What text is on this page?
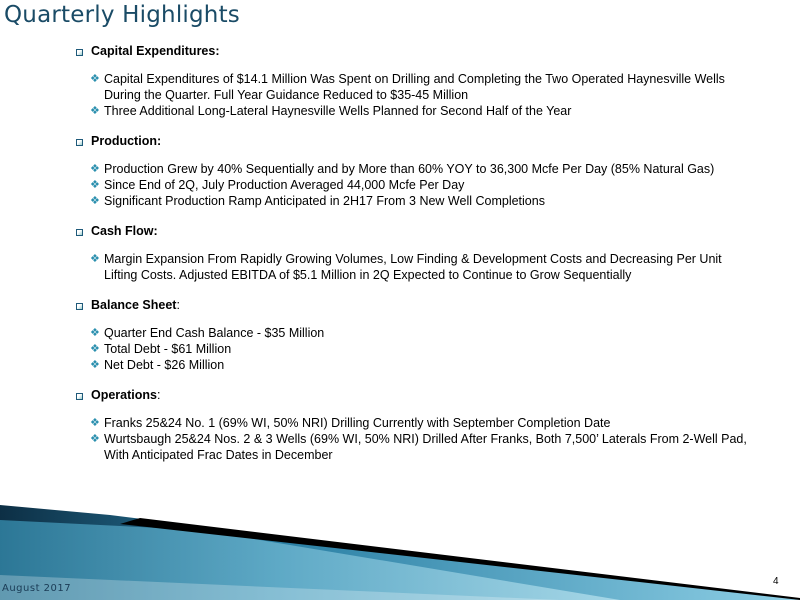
Quarterly Highlights
Capital Expenditures:
❖ Capital Expenditures of $14.1 Million Was Spent on Drilling and Completing the Two Operated Haynesville Wells During the Quarter. Full Year Guidance Reduced to $35-45 Million
❖ Three Additional Long-Lateral Haynesville Wells Planned for Second Half of the Year
Production:
❖ Production Grew by 40% Sequentially and by More than 60% YOY to 36,300 Mcfe Per Day (85% Natural Gas)
❖ Since End of 2Q, July Production Averaged 44,000 Mcfe Per Day
❖ Significant Production Ramp Anticipated in 2H17 From 3 New Well Completions
Cash Flow:
❖ Margin Expansion From Rapidly Growing Volumes, Low Finding & Development Costs and Decreasing Per Unit Lifting Costs. Adjusted EBITDA of $5.1 Million in 2Q Expected to Continue to Grow Sequentially
Balance Sheet :
❖ Quarter End Cash Balance - $35 Million
❖ Total Debt - $61 Million
❖ Net Debt - $26 Million
Operations :
❖ Franks 25&24 No. 1 (69% WI, 50% NRI) Drilling Currently with September Completion Date
❖ Wurtsbaugh 25&24 Nos. 2 & 3 Wells (69% WI, 50% NRI) Drilled After Franks, Both 7,500’ Laterals From 2-Well Pad, With Anticipated Frac Dates in December
August 2017
4
